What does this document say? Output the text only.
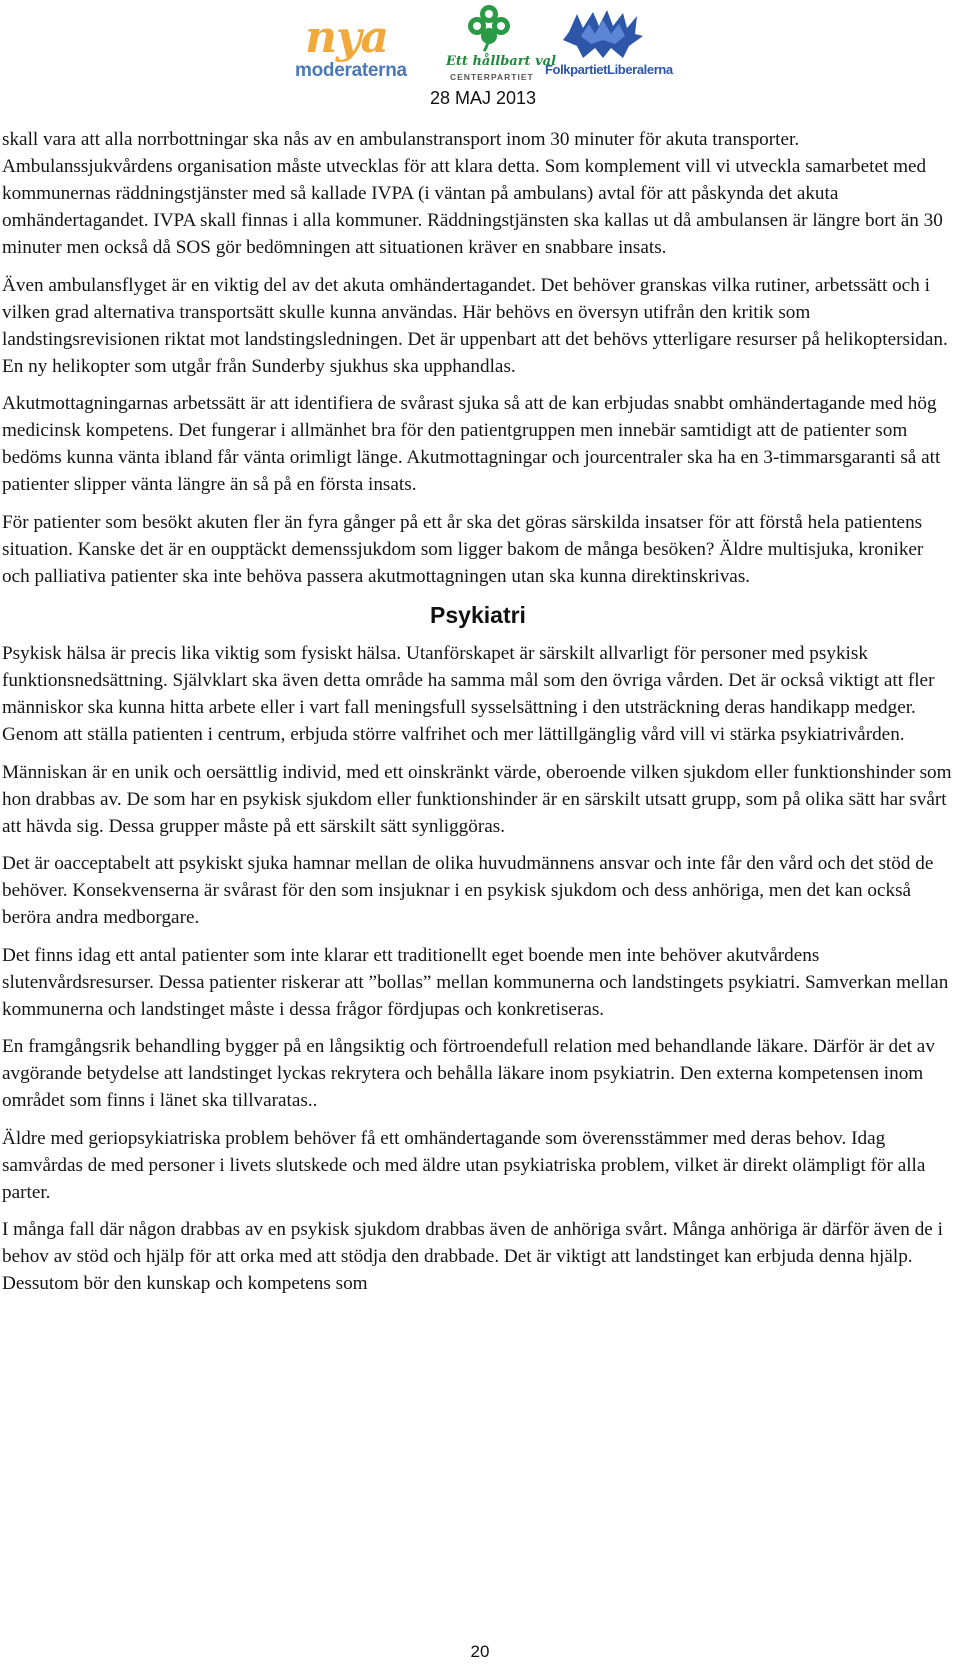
nya
moderaterna	Ett hållbart val
CENTERPARTIET FolkpartietLiberalerna
28 MAJ 2013

skall vara att alla norrbottningar ska nås av en ambulanstransport inom 30 minuter för akuta transporter. Ambulanssjukvårdens organisation måste utvecklas för att klara detta. Som komplement vill vi utveckla samarbetet med kommunernas räddningstjänster med så kallade IVPA (i väntan på ambulans) avtal för att påskynda det akuta omhändertagandet. IVPA skall finnas i alla kommuner. Räddningstjänsten ska kallas ut då ambulansen är längre bort än 30 minuter men också då SOS gör bedömningen att situationen kräver en snabbare insats.

Även ambulansflyget är en viktig del av det akuta omhändertagandet. Det behöver granskas vilka rutiner, arbetssätt och i vilken grad alternativa transportsätt skulle kunna användas. Här behövs en översyn utifrån den kritik som landstingsrevisionen riktat mot landstingsledningen. Det är uppenbart att det behövs ytterligare resurser på helikoptersidan. En ny helikopter som utgår från Sunderby sjukhus ska upphandlas.

Akutmottagningarnas arbetssätt är att identifiera de svårast sjuka så att de kan erbjudas snabbt omhändertagande med hög medicinsk kompetens. Det fungerar i allmänhet bra för den patientgruppen men innebär samtidigt att de patienter som bedöms kunna vänta ibland får vänta orimligt länge. Akutmottagningar och jourcentraler ska ha en 3-timmarsgaranti så att patienter slipper vänta längre än så på en första insats.

För patienter som besökt akuten fler än fyra gånger på ett år ska det göras särskilda insatser för att förstå hela patientens situation. Kanske det är en oupptäckt demenssjukdom som ligger bakom de många besöken? Äldre multisjuka, kroniker och palliativa patienter ska inte behöva passera akutmottagningen utan ska kunna direktinskrivas.

Psykiatri

Psykisk hälsa är precis lika viktig som fysiskt hälsa. Utanförskapet är särskilt allvarligt för personer med psykisk funktionsnedsättning. Självklart ska även detta område ha samma mål som den övriga vården. Det är också viktigt att fler människor ska kunna hitta arbete eller i vart fall meningsfull sysselsättning i den utsträckning deras handikapp medger. Genom att ställa patienten i centrum, erbjuda större valfrihet och mer lättillgänglig vård vill vi stärka psykiatrivården.

Människan är en unik och oersättlig individ, med ett oinskränkt värde, oberoende vilken sjukdom eller funktionshinder som hon drabbas av. De som har en psykisk sjukdom eller funktionshinder är en särskilt utsatt grupp, som på olika sätt har svårt att hävda sig. Dessa grupper måste på ett särskilt sätt synliggöras.

Det är oacceptabelt att psykiskt sjuka hamnar mellan de olika huvudmännens ansvar och inte får den vård och det stöd de behöver. Konsekvenserna är svårast för den som insjuknar i en psykisk sjukdom och dess anhöriga, men det kan också beröra andra medborgare.

Det finns idag ett antal patienter som inte klarar ett traditionellt eget boende men inte behöver akutvårdens slutenvårdsresurser. Dessa patienter riskerar att ”bollas” mellan kommunerna och landstingets psykiatri. Samverkan mellan kommunerna och landstinget måste i dessa frågor fördjupas och konkretiseras.

En framgångsrik behandling bygger på en långsiktig och förtroendefull relation med behandlande läkare. Därför är det av avgörande betydelse att landstinget lyckas rekrytera och behålla läkare inom psykiatrin. Den externa kompetensen inom området som finns i länet ska tillvaratas..

Äldre med geriopsykiatriska problem behöver få ett omhändertagande som överensstämmer med deras behov. Idag samvårdas de med personer i livets slutskede och med äldre utan psykiatriska problem, vilket är direkt olämpligt för alla parter.

I många fall där någon drabbas av en psykisk sjukdom drabbas även de anhöriga svårt. Många anhöriga är därför även de i behov av stöd och hjälp för att orka med att stödja den drabbade. Det är viktigt att landstinget kan erbjuda denna hjälp. Dessutom bör den kunskap och kompetens som

20
